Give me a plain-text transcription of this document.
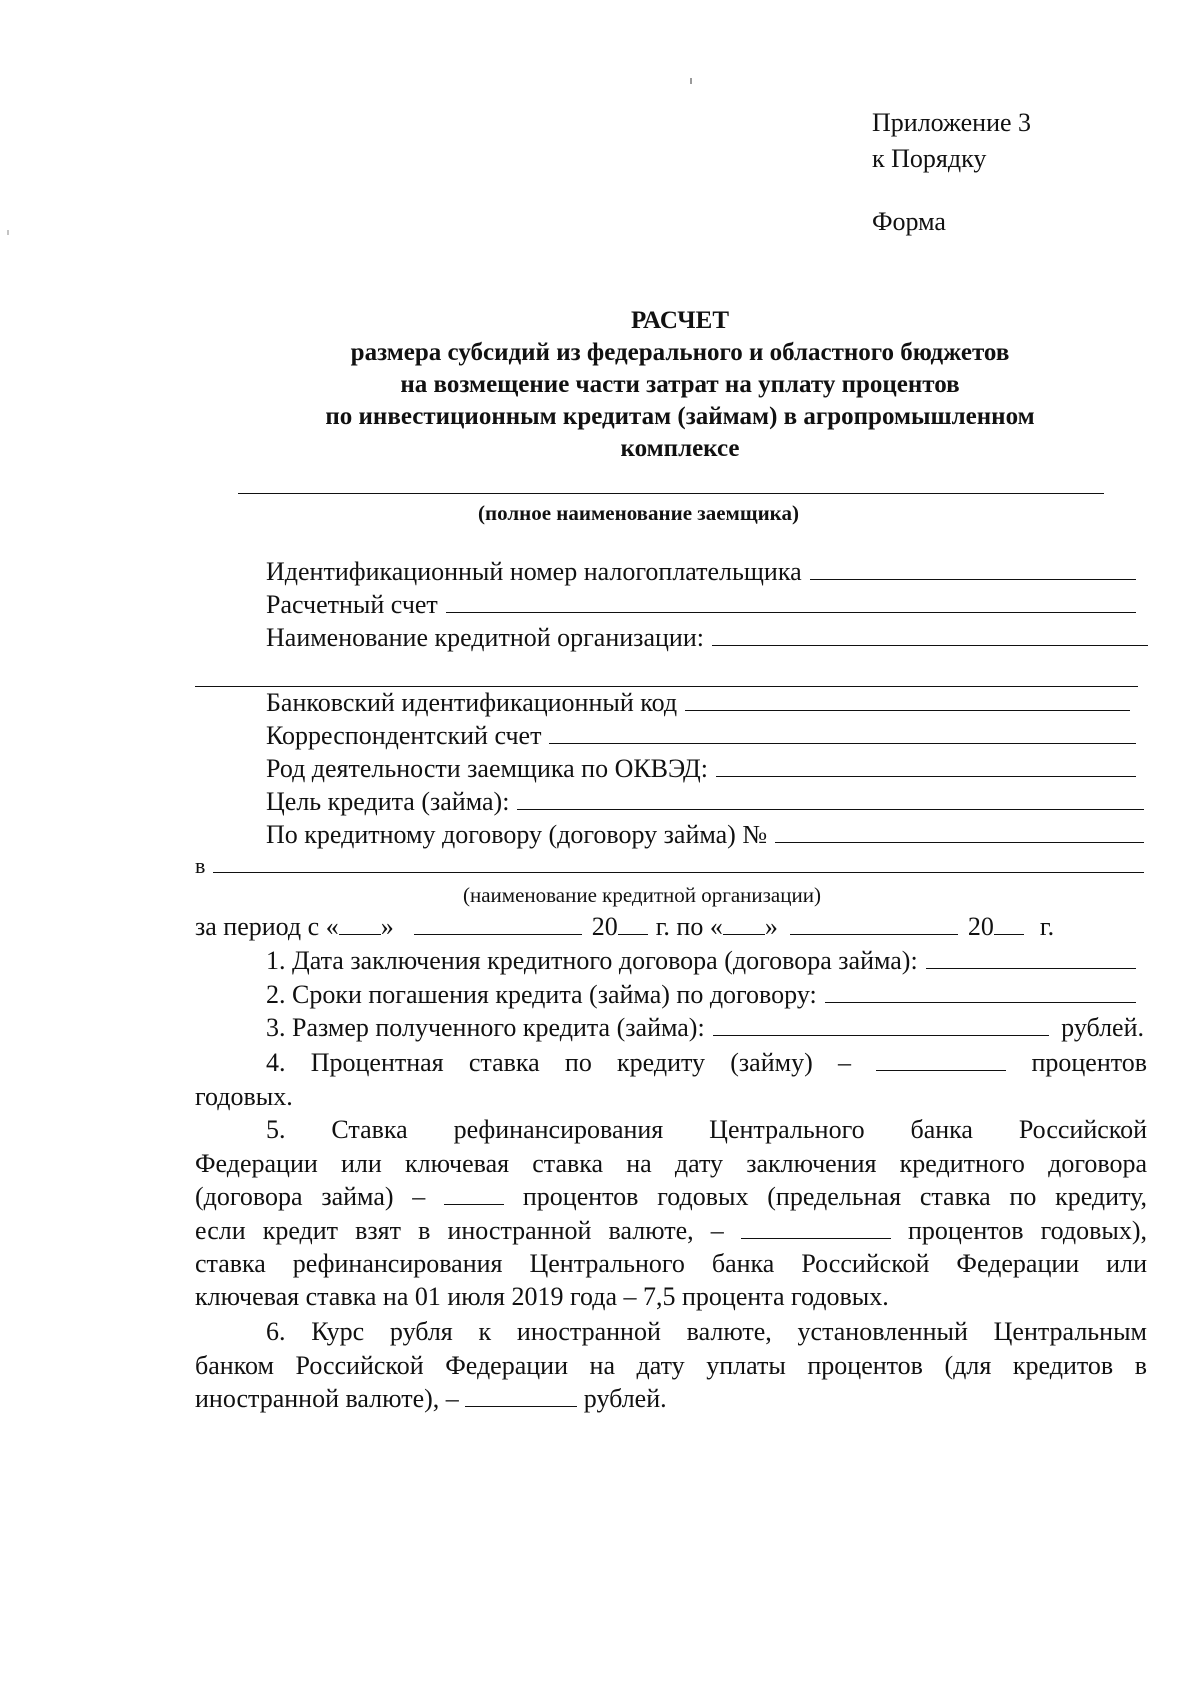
Приложение 3
к Порядку
Форма
РАСЧЕТ
размера субсидий из федерального и областного бюджетов
на возмещение части затрат на уплату процентов
по инвестиционным кредитам (займам) в агропромышленном
комплексе
(полное наименование заемщика)
Идентификационный номер налогоплательщика
Расчетный счет
Наименование кредитной организации:
Банковский идентификационный код
Корреспондентский счет
Род деятельности заемщика по ОКВЭД:
Цель кредита (займа):
По кредитному договору (договору займа) №
в
(наименование кредитной организации)
за период с « »	20 г. по « »	20 г.
1. Дата заключения кредитного договора (договора займа):
2. Сроки погашения кредита (займа) по договору:
3. Размер полученного кредита (займа):	рублей.
4. Процентная ставка по кредиту (займу) –	процентов
годовых.
5. Ставка рефинансирования Центрального банка Российской
Федерации или ключевая ставка на дату заключения кредитного договора
(договора займа) –	процентов годовых (предельная ставка по кредиту,
если кредит взят в иностранной валюте, –	процентов годовых),
ставка рефинансирования Центрального банка Российской Федерации или
ключевая ставка на 01 июля 2019 года – 7,5 процента годовых.
6. Курс рубля к иностранной валюте, установленный Центральным
банком Российской Федерации на дату уплаты процентов (для кредитов в
иностранной валюте), –	рублей.
